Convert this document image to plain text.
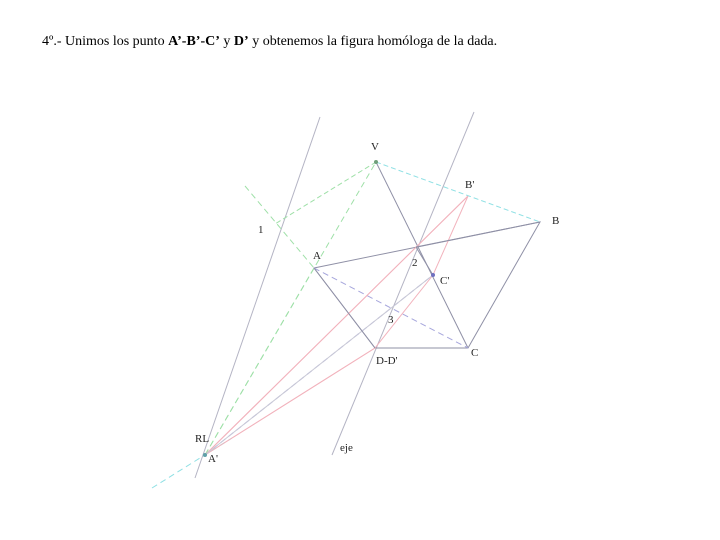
4º.- Unimos los punto A’-B’-C’ y D’ y obtenemos la figura homóloga de la dada.
V
B'
B
1
A
2
C'
3
C
D-D'
RL
A'
eje
